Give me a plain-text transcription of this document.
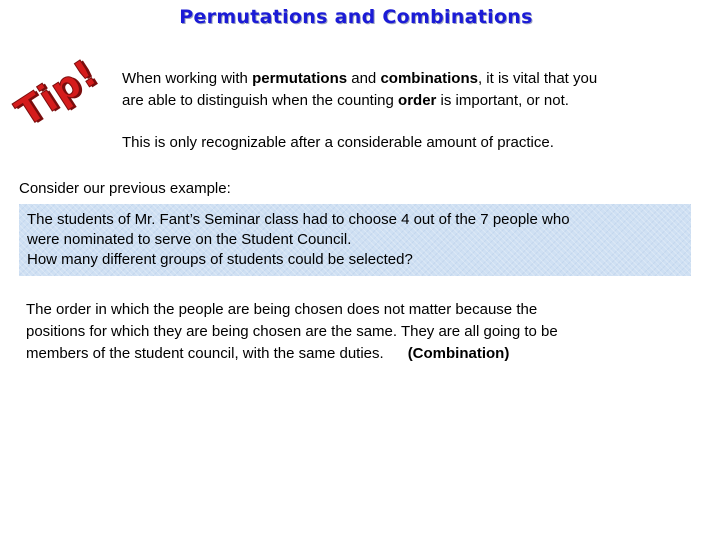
Permutations and Combinations
Tip! When working with permutations and combinations, it is vital that you
are able to distinguish when the counting order is important, or not.

This is only recognizable after a considerable amount of practice.

Consider our previous example:
The students of Mr. Fant’s Seminar class had to choose 4 out of the 7 people who
were nominated to serve on the Student Council.
How many different groups of students could be selected?
The order in which the people are being chosen does not matter because the
positions for which they are being chosen are the same. They are all going to be
members of the student council, with the same duties. (Combination)
